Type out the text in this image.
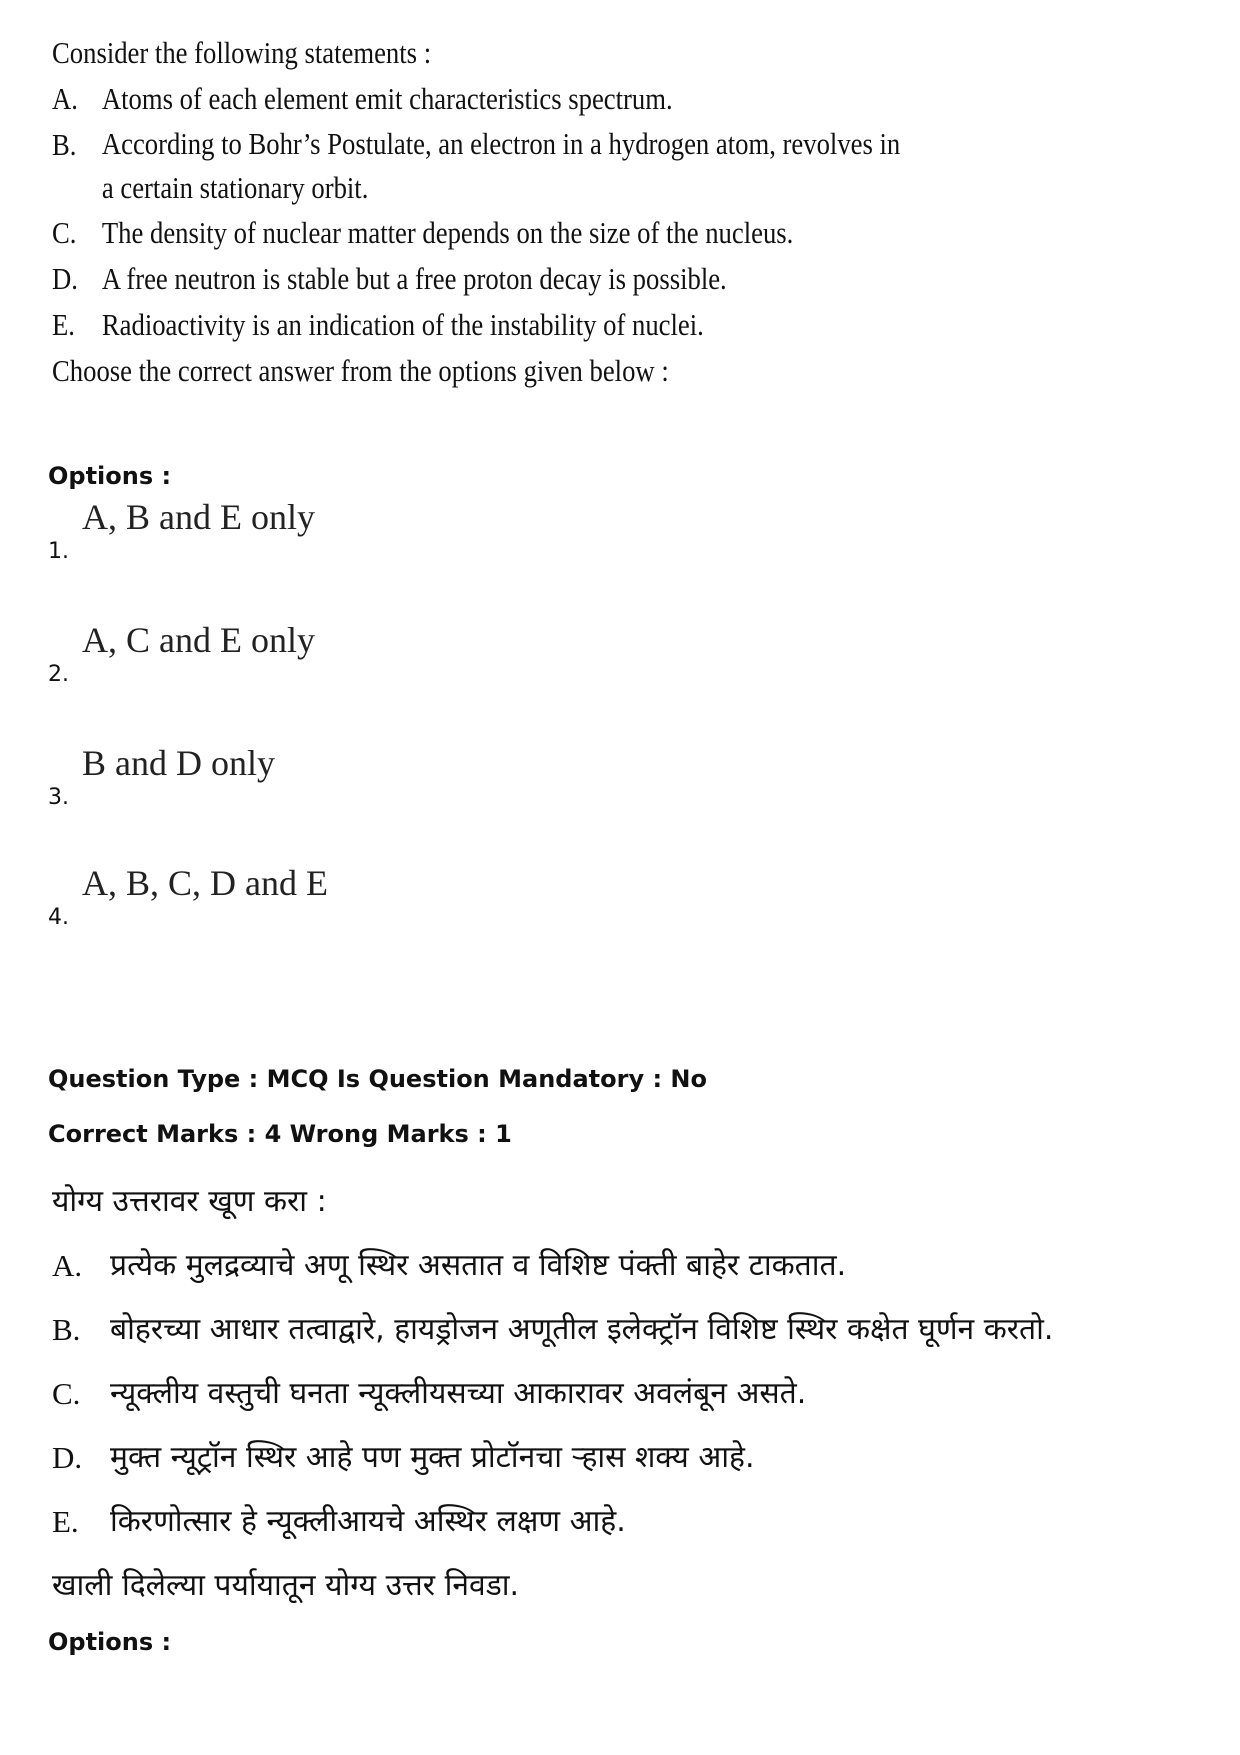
Consider the following statements :
A. Atoms of each element emit characteristics spectrum.
B. According to Bohr’s Postulate, an electron in a hydrogen atom, revolves in a certain stationary orbit.
C. The density of nuclear matter depends on the size of the nucleus.
D. A free neutron is stable but a free proton decay is possible.
E. Radioactivity is an indication of the instability of nuclei.
Choose the correct answer from the options given below :
Options :
1.
A, B and E only
2.
A, C and E only
3.
B and D only
4.
A, B, C, D and E
Question Type : MCQ Is Question Mandatory : No
Correct Marks : 4 Wrong Marks : 1
योग्य उत्तरावर खूण करा :
A. प्रत्येक मुलद्रव्याचे अणू स्थिर असतात व विशिष्ट पंक्ती बाहेर टाकतात.
B. बोहरच्या आधार तत्वाद्वारे, हायड्रोजन अणूतील इलेक्ट्रॉन विशिष्ट स्थिर कक्षेत घूर्णन करतो.
C. न्यूक्लीय वस्तुची घनता न्यूक्लीयसच्या आकारावर अवलंबून असते.
D. मुक्त न्यूट्रॉन स्थिर आहे पण मुक्त प्रोटॉनचा ऱ्हास शक्य आहे.
E.	किरणोत्सार हे न्यूक्लीआयचे अस्थिर लक्षण आहे.
खाली दिलेल्या पर्यायातून योग्य उत्तर निवडा.
Options :
